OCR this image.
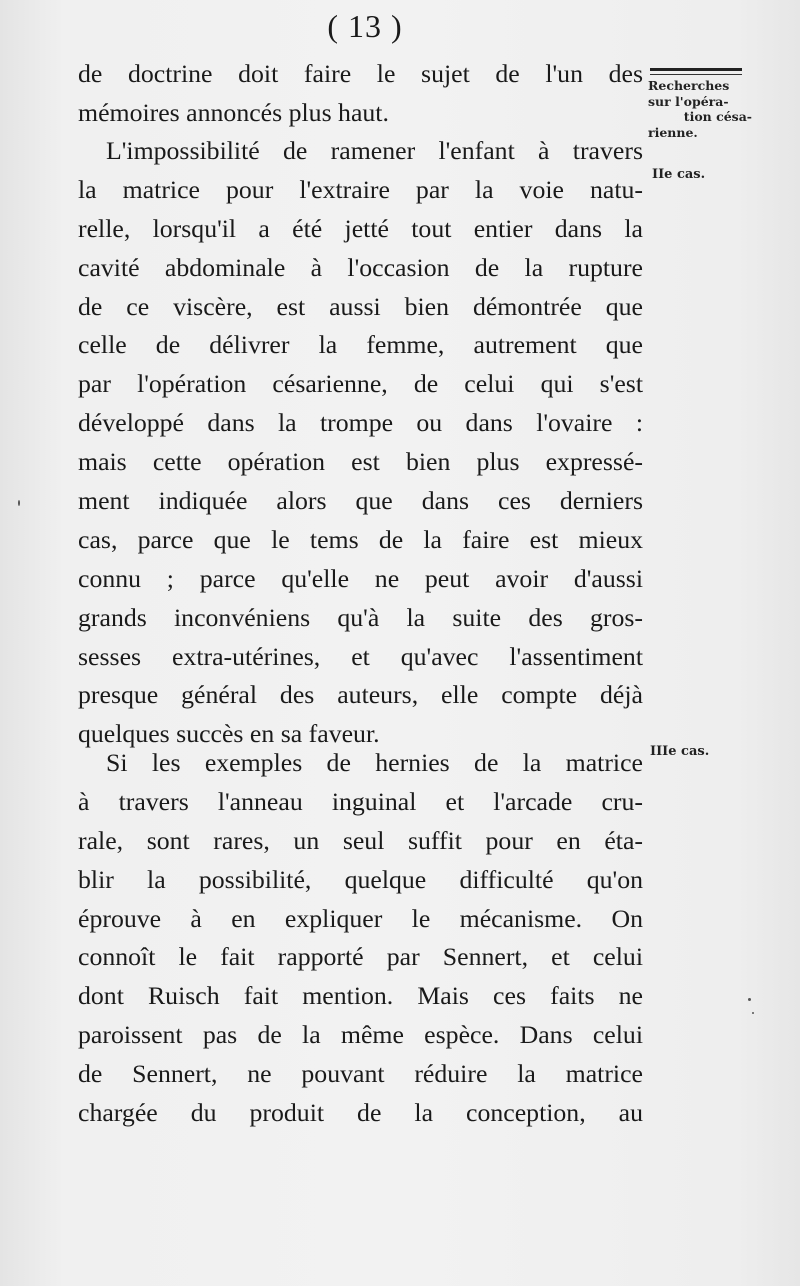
( 13 )
Recherches
sur l'opéra-
tion césa-
rienne.
IIe cas.
IIIe cas.
de doctrine doit faire le sujet de l'un des
mémoires annoncés plus haut.
L'impossibilité de ramener l'enfant à travers
la matrice pour l'extraire par la voie natu-
relle, lorsqu'il a été jetté tout entier dans la
cavité abdominale à l'occasion de la rupture
de ce viscère, est aussi bien démontrée que
celle de délivrer la femme, autrement que
par l'opération césarienne, de celui qui s'est
développé dans la trompe ou dans l'ovaire :
mais cette opération est bien plus expressé-
ment indiquée alors que dans ces derniers
cas, parce que le tems de la faire est mieux
connu ; parce qu'elle ne peut avoir d'aussi
grands inconvéniens qu'à la suite des gros-
sesses extra-utérines, et qu'avec l'assentiment
presque général des auteurs, elle compte déjà
quelques succès en sa faveur.
Si les exemples de hernies de la matrice
à travers l'anneau inguinal et l'arcade cru-
rale, sont rares, un seul suffit pour en éta-
blir la possibilité, quelque difficulté qu'on
éprouve à en expliquer le mécanisme. On
connoît le fait rapporté par Sennert, et celui
dont Ruisch fait mention. Mais ces faits ne
paroissent pas de la même espèce. Dans celui
de Sennert, ne pouvant réduire la matrice
chargée du produit de la conception, au
